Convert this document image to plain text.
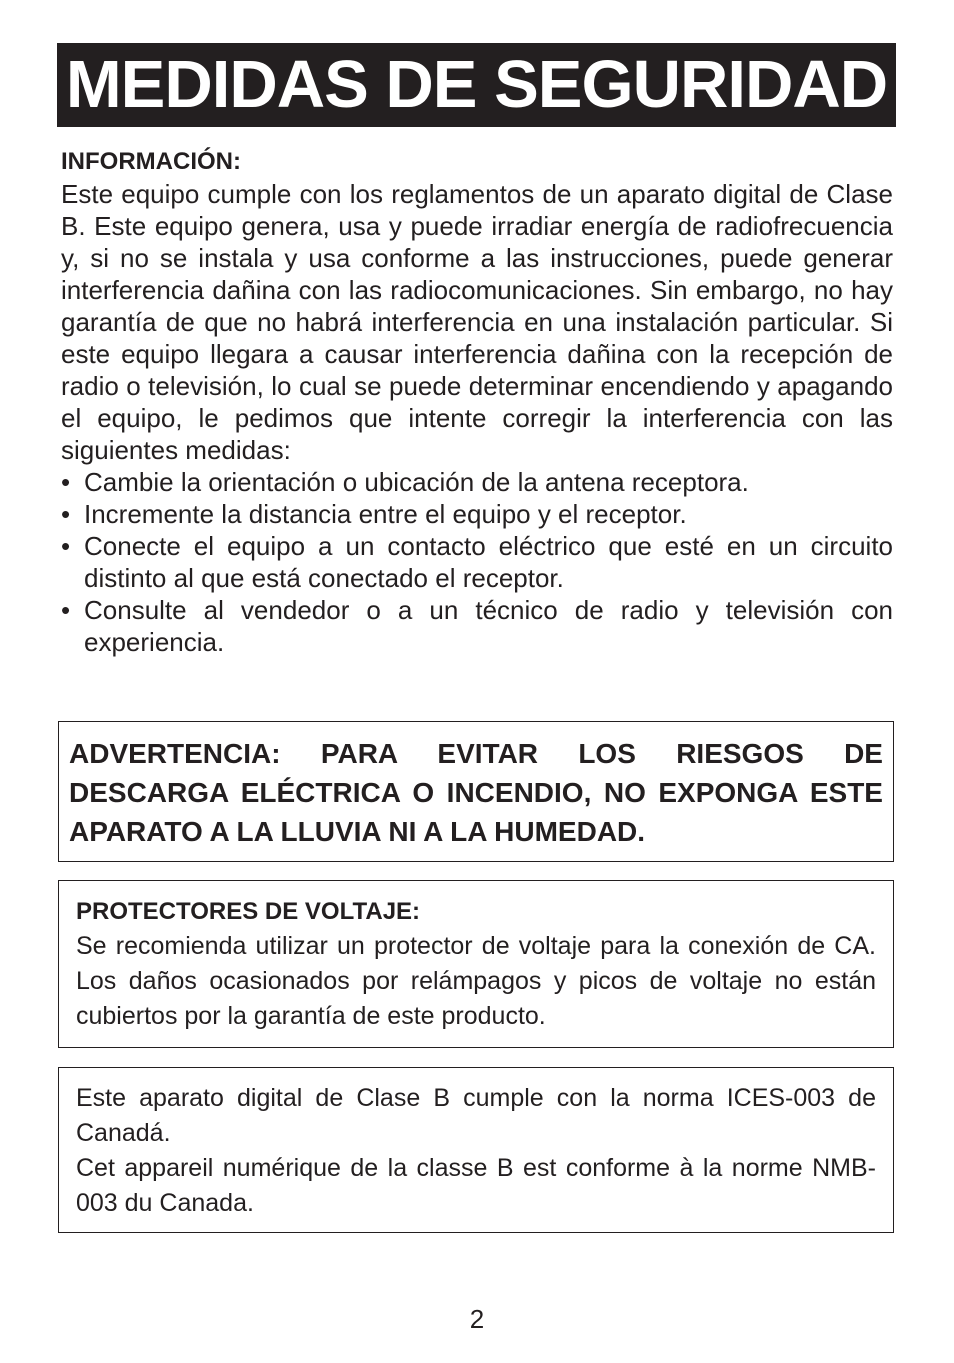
MEDIDAS DE SEGURIDAD
INFORMACIÓN:

Este equipo cumple con los reglamentos de un aparato digital de Clase B. Este equipo genera, usa y puede irradiar energía de radiofrecuencia y, si no se instala y usa conforme a las instrucciones, puede generar interferencia dañina con las radiocomunicaciones. Sin embargo, no hay garantía de que no habrá interferencia en una instalación particular. Si este equipo llegara a causar interferencia dañina con la recepción de radio o televisión, lo cual se puede determinar encendiendo y apagando el equipo, le pedimos que intente corregir la interferencia con las siguientes medidas:

• Cambie la orientación o ubicación de la antena receptora.
• Incremente la distancia entre el equipo y el receptor.
• Conecte el equipo a un contacto eléctrico que esté en un circuito distinto al que está conectado el receptor.
• Consulte al vendedor o a un técnico de radio y televisión con experiencia.

ADVERTENCIA: PARA EVITAR LOS RIESGOS DE DESCARGA ELÉCTRICA O INCENDIO, NO EXPONGA ESTE APARATO A LA LLUVIA NI A LA HUMEDAD.

PROTECTORES DE VOLTAJE:

Se recomienda utilizar un protector de voltaje para la conexión de CA. Los daños ocasionados por relámpagos y picos de voltaje no están cubiertos por la garantía de este producto.

Este aparato digital de Clase B cumple con la norma ICES-003 de Canadá.

Cet appareil numérique de la classe B est conforme à la norme NMB-003 du Canada.

2
